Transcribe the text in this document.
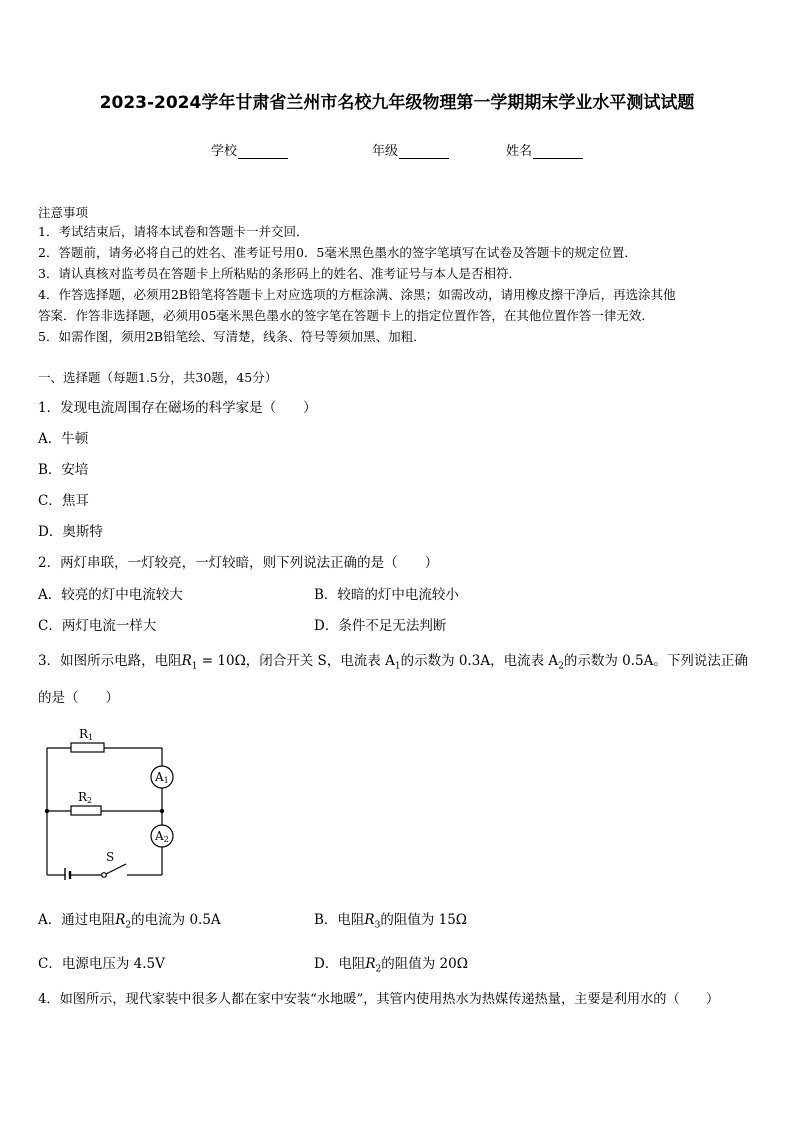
2023-2024学年甘肃省兰州市名校九年级物理第一学期期末学业水平测试试题
学校	年级	姓名
注意事项
1．考试结束后，请将本试卷和答题卡一并交回．
2．答题前，请务必将自己的姓名、准考证号用0．5毫米黑色墨水的签字笔填写在试卷及答题卡的规定位置．
3．请认真核对监考员在答题卡上所粘贴的条形码上的姓名、准考证号与本人是否相符．
4．作答选择题，必须用2B铅笔将答题卡上对应选项的方框涂满、涂黑；如需改动，请用橡皮擦干净后，再选涂其他
答案．作答非选择题，必须用05毫米黑色墨水的签字笔在答题卡上的指定位置作答，在其他位置作答一律无效．
5．如需作图，须用2B铅笔绘、写清楚，线条、符号等须加黑、加粗．
一、选择题（每题1.5分，共30题，45分）
1．发现电流周围存在磁场的科学家是（　　）
A．牛顿
B．安培
C．焦耳
D．奥斯特
2．两灯串联，一灯较亮，一灯较暗，则下列说法正确的是（　　）
A．较亮的灯中电流较大	B．较暗的灯中电流较小
C．两灯电流一样大	D．条件不足无法判断
3．如图所示电路，电阻$R_1 = 10\Omega$，闭合开关 S，电流表 $A_1$的示数为 0.3A，电流表 $A_2$的示数为 0.5A。下列说法正确
的是（　　）
R1
R2
A1
A2
S
A．通过电阻$R_2$的电流为 0.5A	B．电阻$R_3$的阻值为 15Ω
C．电源电压为 4.5V	D．电阻$R_2$的阻值为 20Ω
4．如图所示，现代家装中很多人都在家中安装“水地暖”，其管内使用热水为热媒传递热量，主要是利用水的（　　）
